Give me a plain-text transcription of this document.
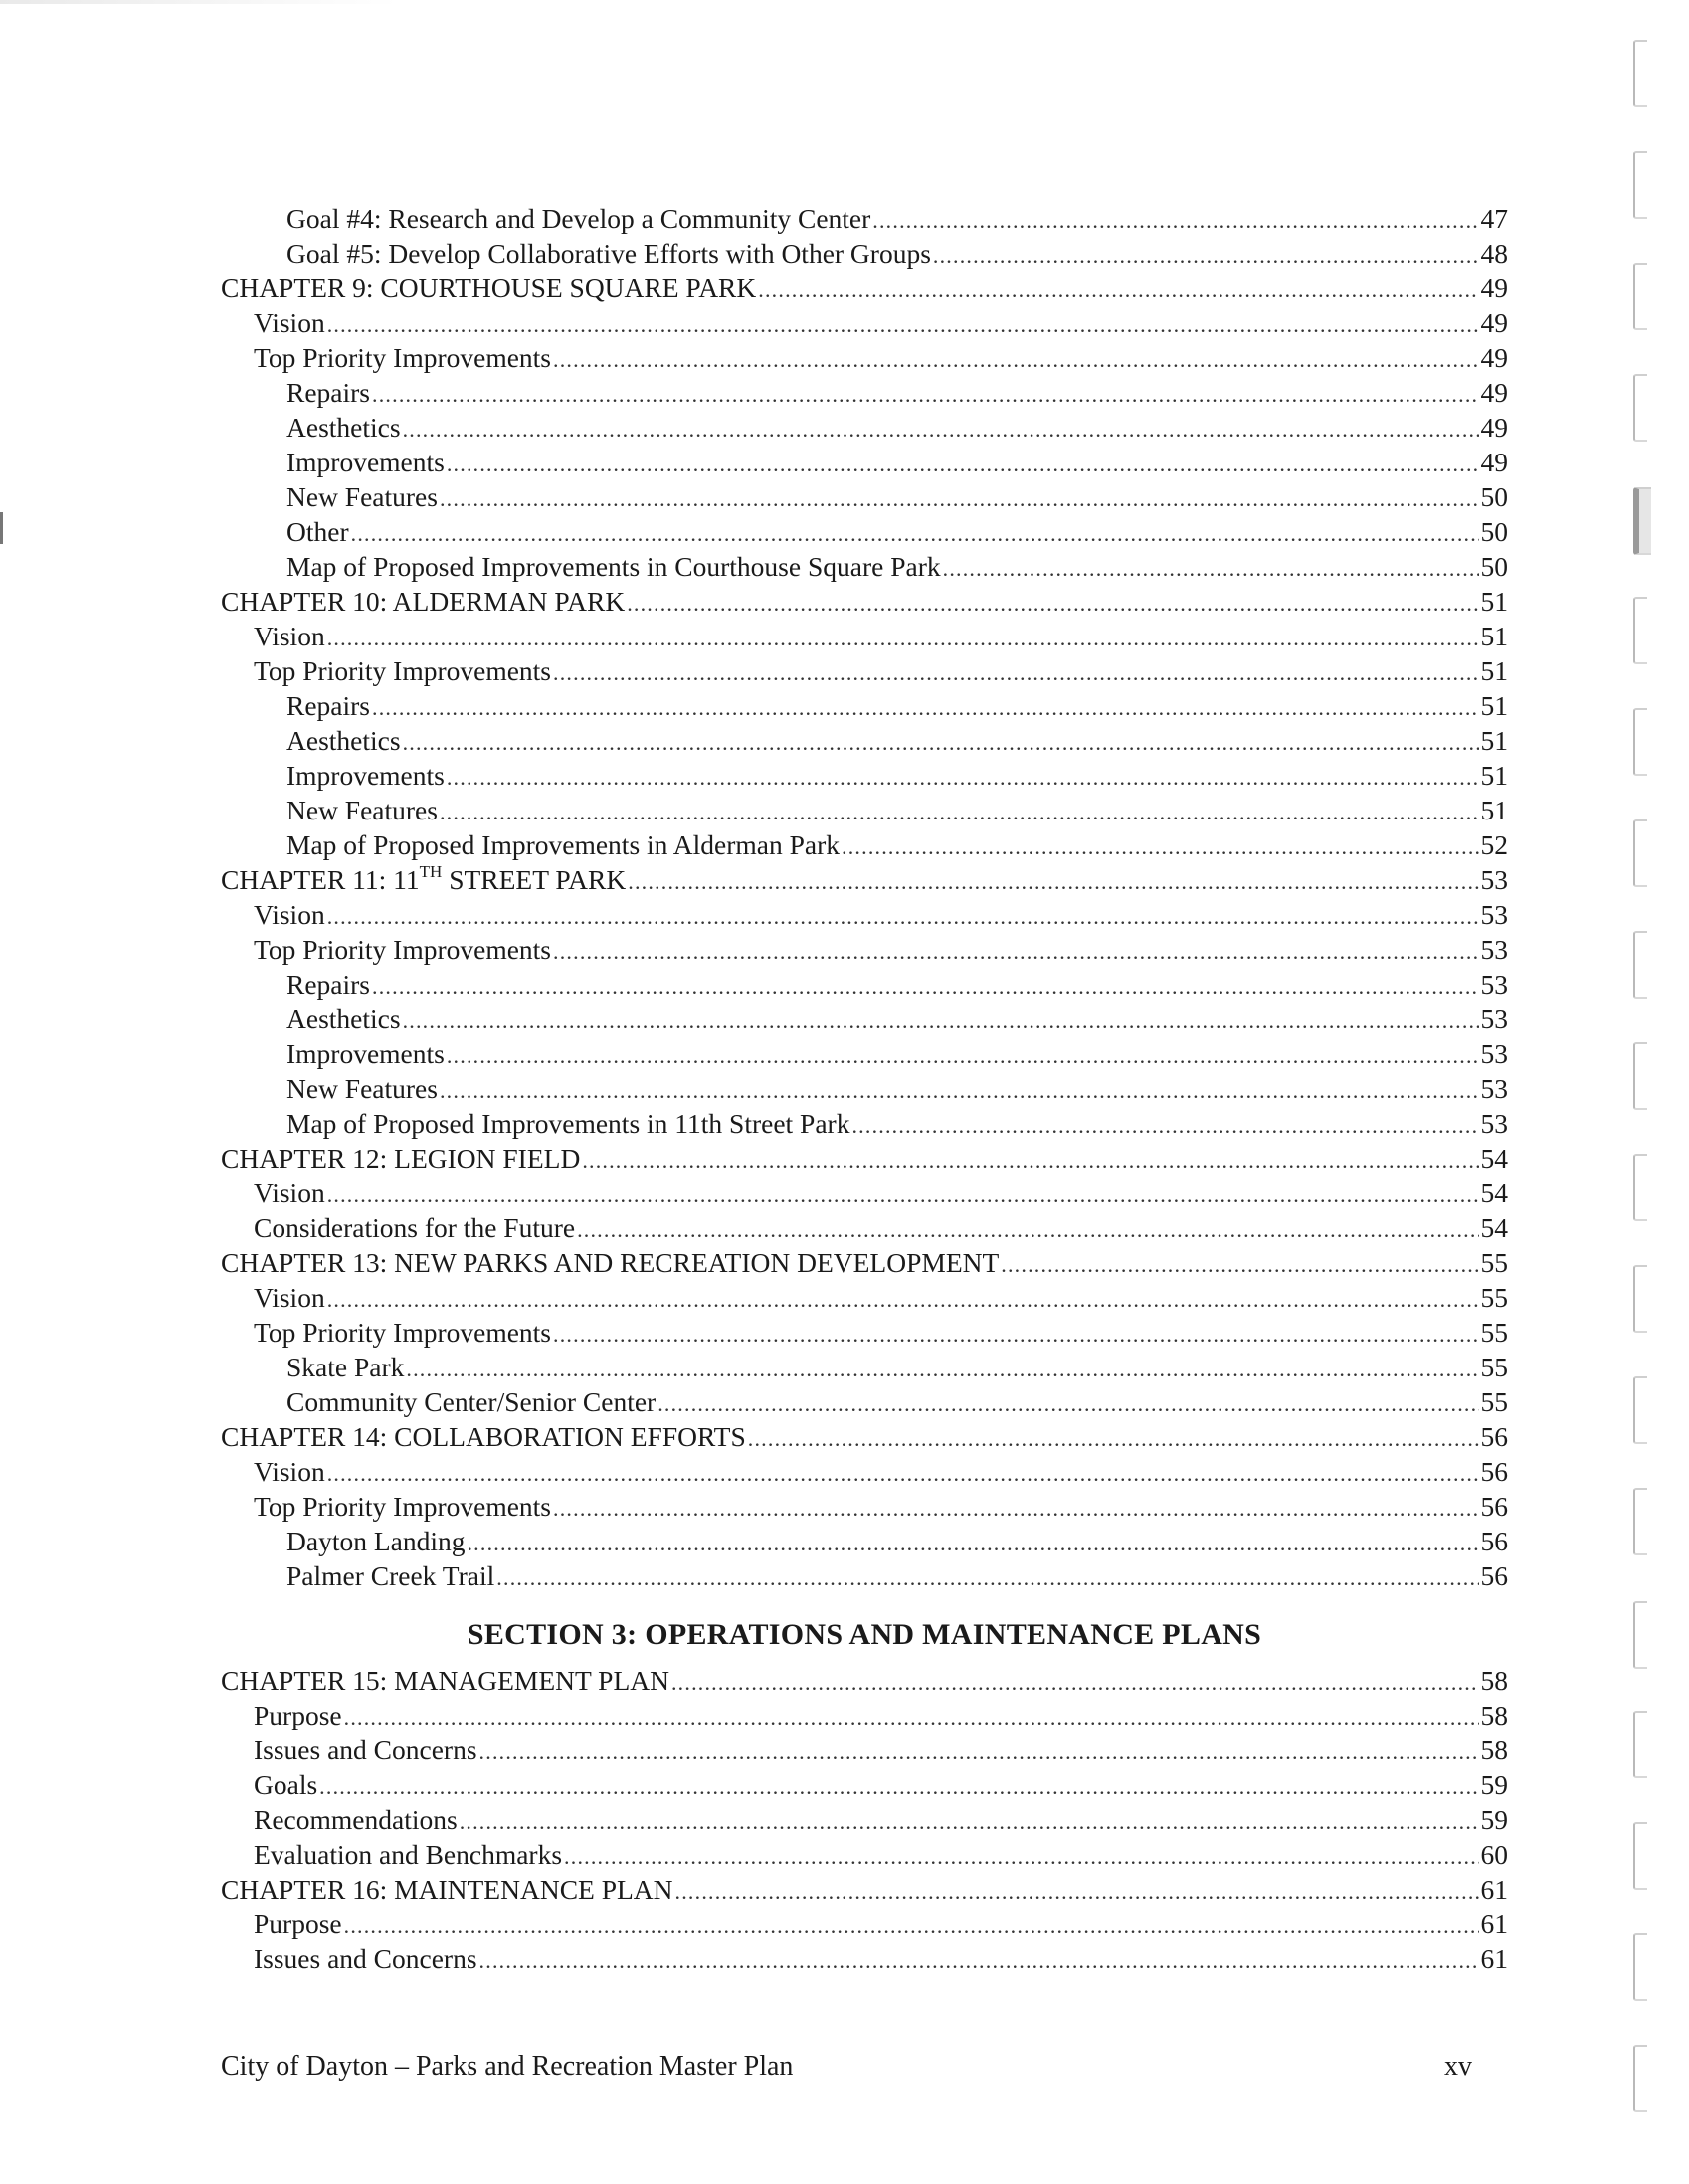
Goal #4: Research and Develop a Community Center .....	47
Goal #5: Develop Collaborative Efforts with Other Groups .....	48
CHAPTER 9: COURTHOUSE SQUARE PARK .....	49
Vision .....	49
Top Priority Improvements .....	49
Repairs .....	49
Aesthetics .....	49
Improvements .....	49
New Features .....	50
Other .....	50
Map of Proposed Improvements in Courthouse Square Park .....	50
CHAPTER 10: ALDERMAN PARK .....	51
Vision .....	51
Top Priority Improvements .....	51
Repairs .....	51
Aesthetics .....	51
Improvements .....	51
New Features .....	51
Map of Proposed Improvements in Alderman Park .....	52
CHAPTER 11: 11TH STREET PARK .....	53
Vision .....	53
Top Priority Improvements .....	53
Repairs .....	53
Aesthetics .....	53
Improvements .....	53
New Features .....	53
Map of Proposed Improvements in 11th Street Park .....	53
CHAPTER 12: LEGION FIELD .....	54
Vision .....	54
Considerations for the Future .....	54
CHAPTER 13: NEW PARKS AND RECREATION DEVELOPMENT .....	55
Vision .....	55
Top Priority Improvements .....	55
Skate Park .....	55
Community Center/Senior Center .....	55
CHAPTER 14: COLLABORATION EFFORTS .....	56
Vision .....	56
Top Priority Improvements .....	56
Dayton Landing .....	56
Palmer Creek Trail .....	56
SECTION 3: OPERATIONS AND MAINTENANCE PLANS
CHAPTER 15: MANAGEMENT PLAN .....	58
Purpose .....	58
Issues and Concerns .....	58
Goals .....	59
Recommendations .....	59
Evaluation and Benchmarks .....	60
CHAPTER 16: MAINTENANCE PLAN .....	61
Purpose .....	61
Issues and Concerns .....	61
City of Dayton – Parks and Recreation Master Plan	xv
